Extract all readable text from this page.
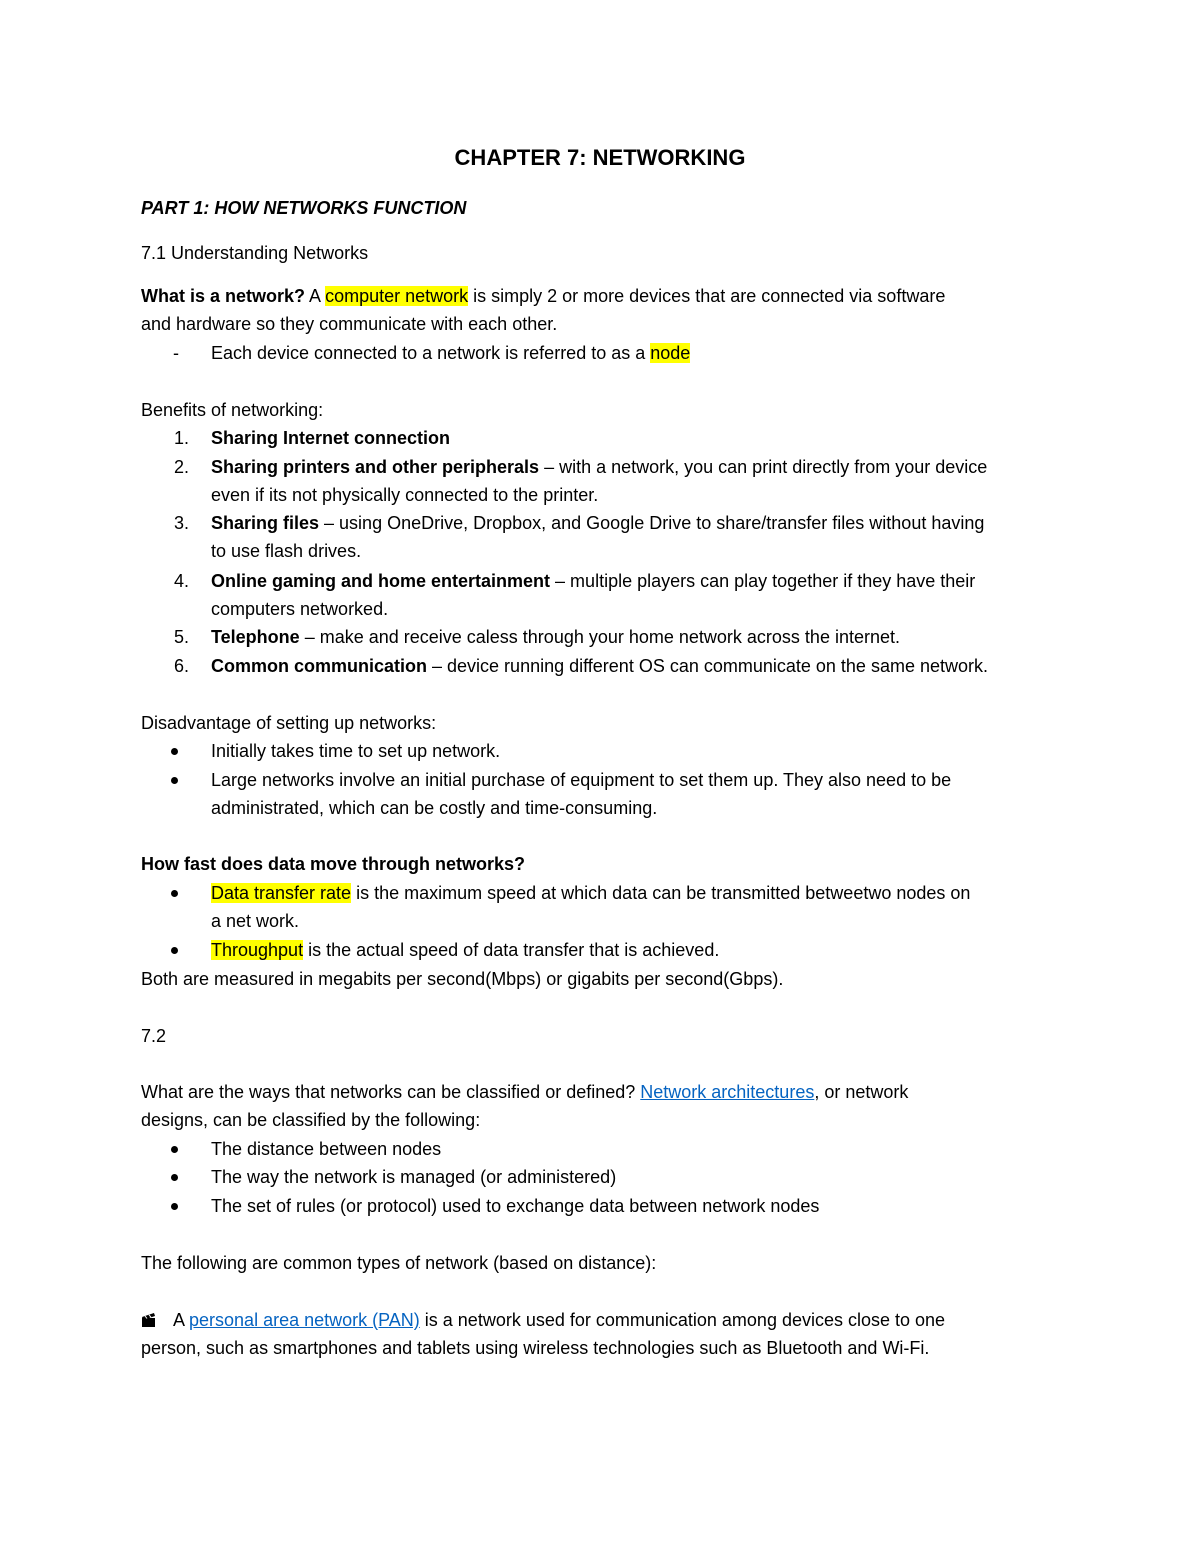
CHAPTER 7: NETWORKING
PART 1: HOW NETWORKS FUNCTION
7.1 Understanding Networks
What is a network? A computer network is simply 2 or more devices that are connected via software
and hardware so they communicate with each other.
- Each device connected to a network is referred to as a node
Benefits of networking:
1. Sharing Internet connection
2. Sharing printers and other peripherals – with a network, you can print directly from your device
even if its not physically connected to the printer.
3. Sharing files – using OneDrive, Dropbox, and Google Drive to share/transfer files without having
to use flash drives.
4. Online gaming and home entertainment – multiple players can play together if they have their
computers networked.
5. Telephone – make and receive caless through your home network across the internet.
6. Common communication – device running different OS can communicate on the same network.
Disadvantage of setting up networks:
Initially takes time to set up network.
Large networks involve an initial purchase of equipment to set them up. They also need to be
administrated, which can be costly and time-consuming.
How fast does data move through networks?
Data transfer rate is the maximum speed at which data can be transmitted betweetwo nodes on
a net work.
Throughput is the actual speed of data transfer that is achieved.
Both are measured in megabits per second(Mbps) or gigabits per second(Gbps).
7.2
What are the ways that networks can be classified or defined? Network architectures, or network
designs, can be classified by the following:
The distance between nodes
The way the network is managed (or administered)
The set of rules (or protocol) used to exchange data between network nodes
The following are common types of network (based on distance):
A personal area network (PAN) is a network used for communication among devices close to one
person, such as smartphones and tablets using wireless technologies such as Bluetooth and Wi-Fi.
